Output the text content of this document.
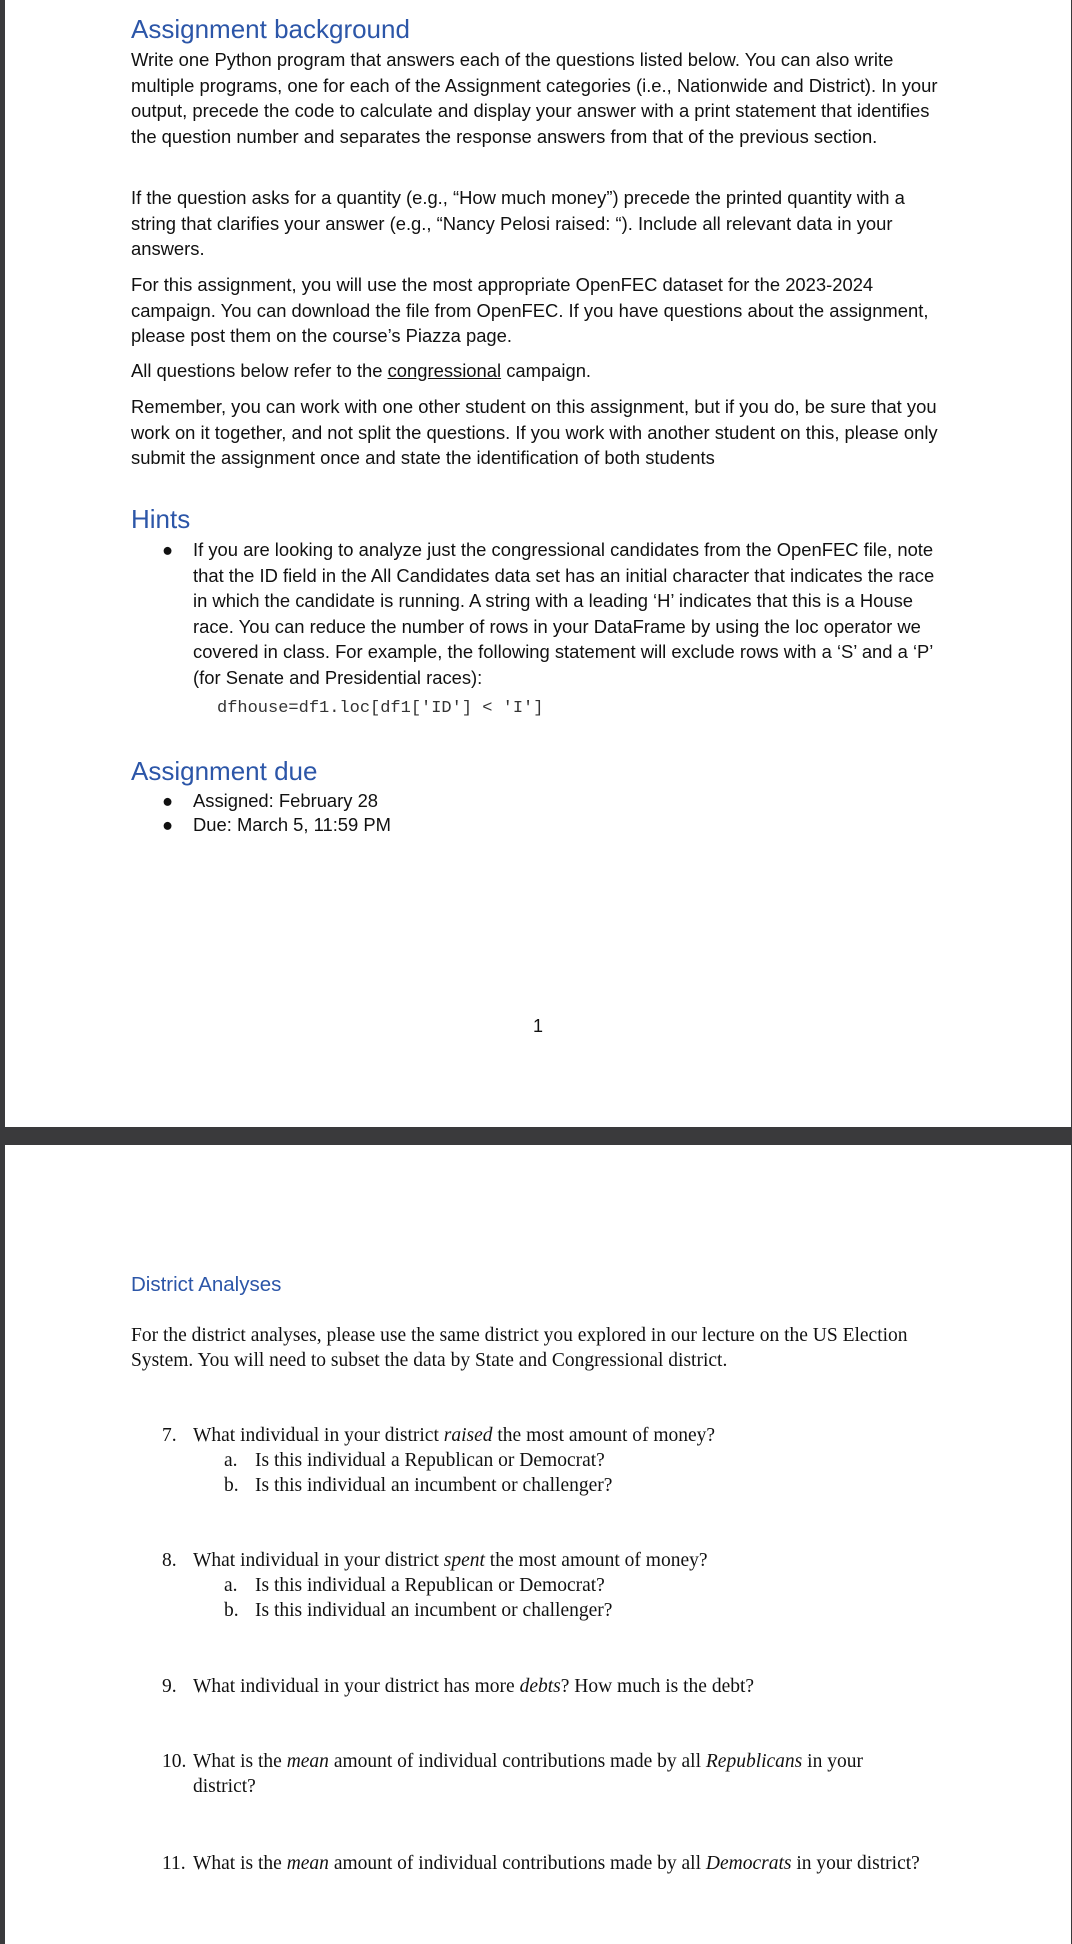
Assignment background

Write one Python program that answers each of the questions listed below. You can also write multiple programs, one for each of the Assignment categories (i.e., Nationwide and District). In your output, precede the code to calculate and display your answer with a print statement that identifies the question number and separates the response answers from that of the previous section.

If the question asks for a quantity (e.g., “How much money”) precede the printed quantity with a string that clarifies your answer (e.g., “Nancy Pelosi raised: “). Include all relevant data in your answers.

For this assignment, you will use the most appropriate OpenFEC dataset for the 2023-2024 campaign. You can download the file from OpenFEC. If you have questions about the assignment, please post them on the course’s Piazza page.

All questions below refer to the congressional campaign.

Remember, you can work with one other student on this assignment, but if you do, be sure that you work on it together, and not split the questions. If you work with another student on this, please only submit the assignment once and state the identification of both students

Hints
● If you are looking to analyze just the congressional candidates from the OpenFEC file, note that the ID field in the All Candidates data set has an initial character that indicates the race in which the candidate is running. A string with a leading ‘H’ indicates that this is a House race. You can reduce the number of rows in your DataFrame by using the loc operator we covered in class. For example, the following statement will exclude rows with a ‘S’ and a ‘P’ (for Senate and Presidential races):
dfhouse=df1.loc[df1['ID'] < 'I']
Assignment due
● Assigned: February 28
● Due: March 5, 11:59 PM
1
District Analyses

For the district analyses, please use the same district you explored in our lecture on the US Election System. You will need to subset the data by State and Congressional district.

7. What individual in your district raised the most amount of money?
a. Is this individual a Republican or Democrat?
b. Is this individual an incumbent or challenger?
8. What individual in your district spent the most amount of money?
a. Is this individual a Republican or Democrat?
b. Is this individual an incumbent or challenger?
9. What individual in your district has more debts? How much is the debt?
10. What is the mean amount of individual contributions made by all Republicans in your district?
11. What is the mean amount of individual contributions made by all Democrats in your district?
